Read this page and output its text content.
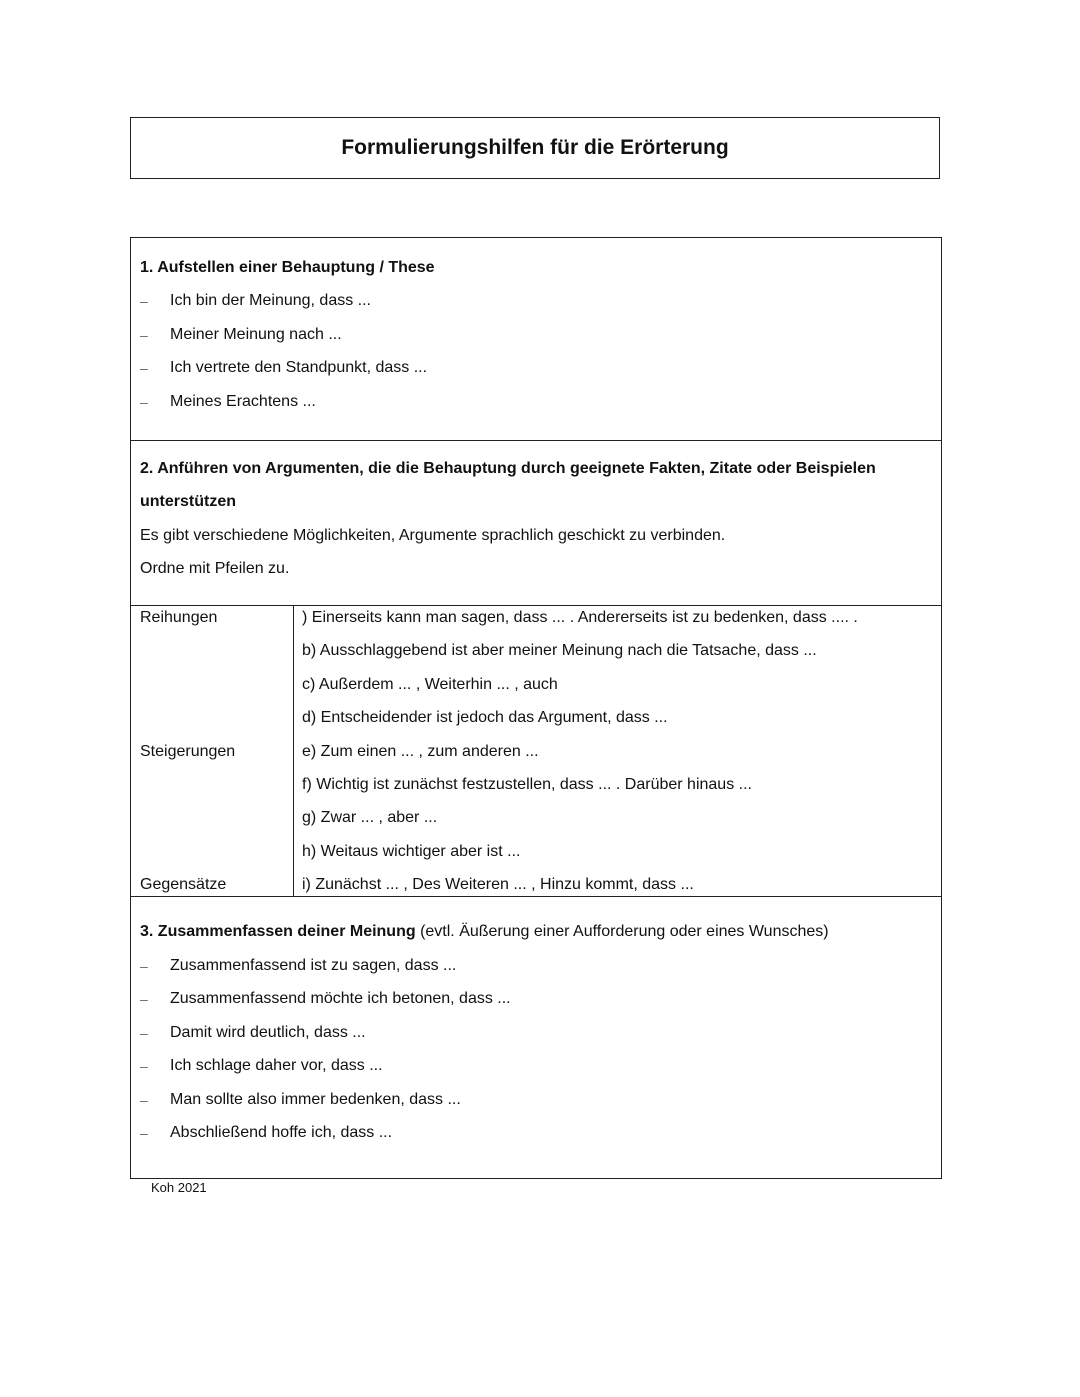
Formulierungshilfen für die Erörterung
1. Aufstellen einer Behauptung / These
– Ich bin der Meinung, dass ...
– Meiner Meinung nach ...
– Ich vertrete den Standpunkt, dass ...
– Meines Erachtens ...
2. Anführen von Argumenten, die die Behauptung durch geeignete Fakten, Zitate oder Beispielen
unterstützen
Es gibt verschiedene Möglichkeiten, Argumente sprachlich geschickt zu verbinden.
Ordne mit Pfeilen zu.
Reihungen
Steigerungen
Gegensätze
) Einerseits kann man sagen, dass ... . Andererseits ist zu bedenken, dass .... .
b) Ausschlaggebend ist aber meiner Meinung nach die Tatsache, dass ...
c) Außerdem ... , Weiterhin ... , auch
d) Entscheidender ist jedoch das Argument, dass ...
e) Zum einen ... , zum anderen ...
f) Wichtig ist zunächst festzustellen, dass ... . Darüber hinaus ...
g) Zwar ... , aber ...
h) Weitaus wichtiger aber ist ...
i) Zunächst ... , Des Weiteren ... , Hinzu kommt, dass ...
3. Zusammenfassen deiner Meinung (evtl. Äußerung einer Aufforderung oder eines Wunsches)
– Zusammenfassend ist zu sagen, dass ...
– Zusammenfassend möchte ich betonen, dass ...
– Damit wird deutlich, dass ...
– Ich schlage daher vor, dass ...
– Man sollte also immer bedenken, dass ...
– Abschließend hoffe ich, dass ...
Koh 2021
